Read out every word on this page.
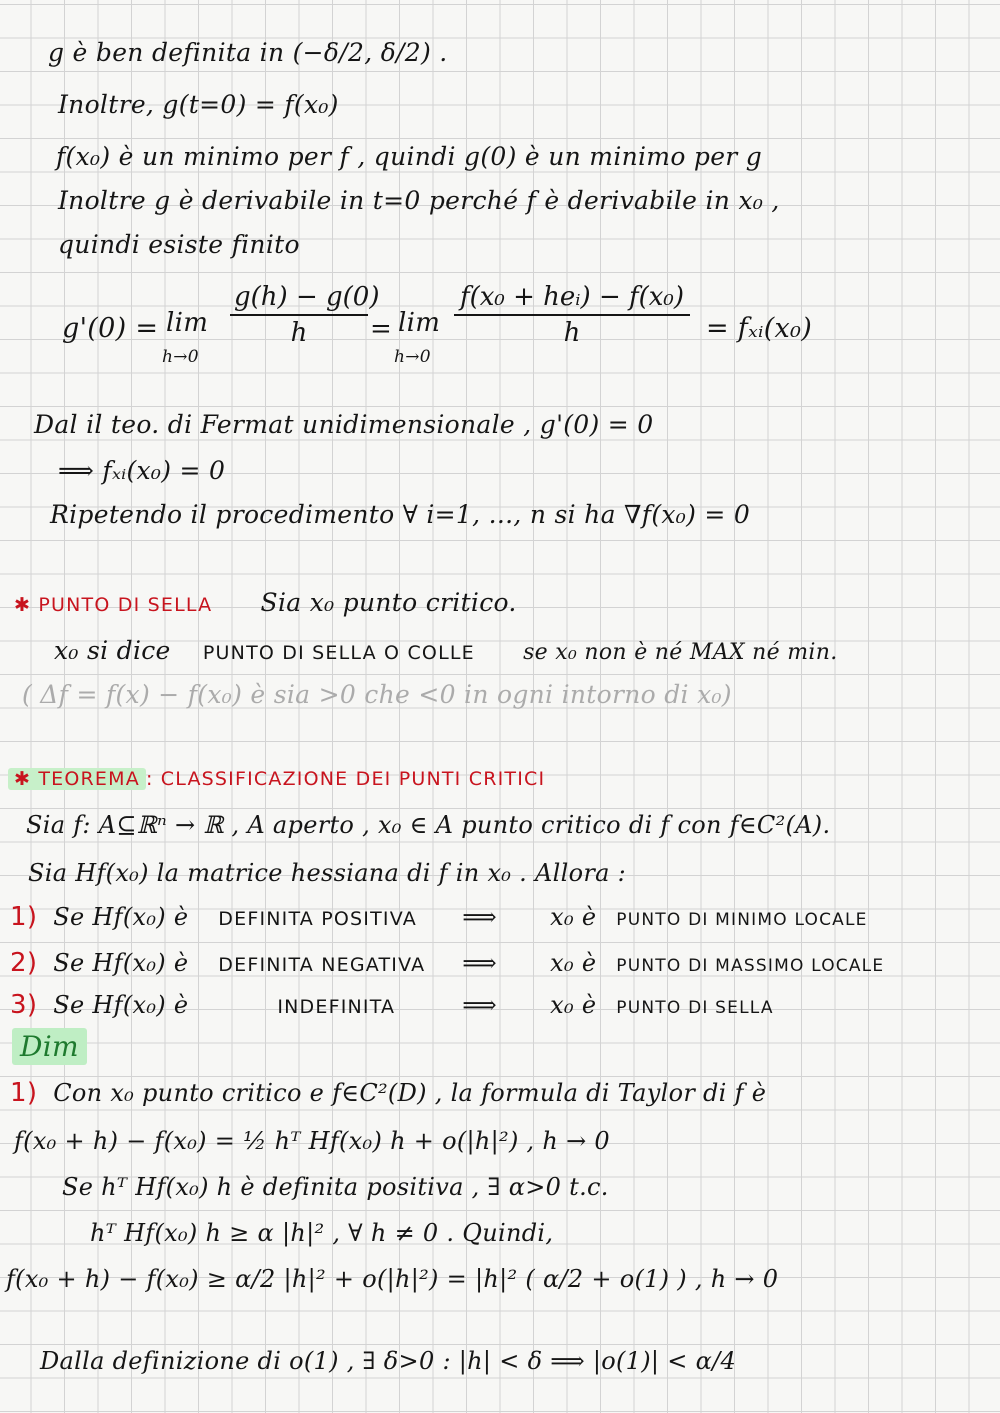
g è ben definita in (−δ/2, δ/2) .
Inoltre, g(t=0) = f(x₀)
f(x₀) è un minimo per f , quindi g(0) è un minimo per g
Inoltre g è derivabile in t=0 perché f è derivabile in x₀ ,
quindi esiste finito
g'(0) = lim
h→0
g(h) − g(0)
h	= lim
h→0
f(x₀ + heᵢ) − f(x₀)
h	= fₓᵢ(x₀)
Dal il teo. di Fermat unidimensionale , g'(0) = 0
⟹ fₓᵢ(x₀) = 0
Ripetendo il procedimento ∀ i=1, ..., n si ha ∇f(x₀) = 0
✱ PUNTO DI SELLA Sia x₀ punto critico.
x₀ si dice PUNTO DI SELLA O COLLE se x₀ non è né MAX né min.
( Δf = f(x) − f(x₀) è sia >0 che <0 in ogni intorno di x₀)
✱ TEOREMA : CLASSIFICAZIONE DEI PUNTI CRITICI
Sia f: A⊆ℝⁿ → ℝ , A aperto , x₀ ∈ A punto critico di f con f∈C²(A).
Sia Hf(x₀) la matrice hessiana di f in x₀ . Allora :
1) Se Hf(x₀) è DEFINITA POSITIVA ⟹ x₀ è PUNTO DI MINIMO LOCALE
2) Se Hf(x₀) è DEFINITA NEGATIVA ⟹ x₀ è PUNTO DI MASSIMO LOCALE
3) Se Hf(x₀) è	INDEFINITA	⟹ x₀ è PUNTO DI SELLA
Dim
1) Con x₀ punto critico e f∈C²(D) , la formula di Taylor di f è
f(x₀ + h) − f(x₀) = ½ hᵀ Hf(x₀) h + o(|h|²) , h → 0
Se hᵀ Hf(x₀) h è definita positiva , ∃ α>0 t.c.
hᵀ Hf(x₀) h ≥ α |h|² , ∀ h ≠ 0 . Quindi,
f(x₀ + h) − f(x₀) ≥ α/2 |h|² + o(|h|²) = |h|² ( α/2 + o(1) ) , h → 0
Dalla definizione di o(1) , ∃ δ>0 : |h| < δ ⟹ |o(1)| < α/4
